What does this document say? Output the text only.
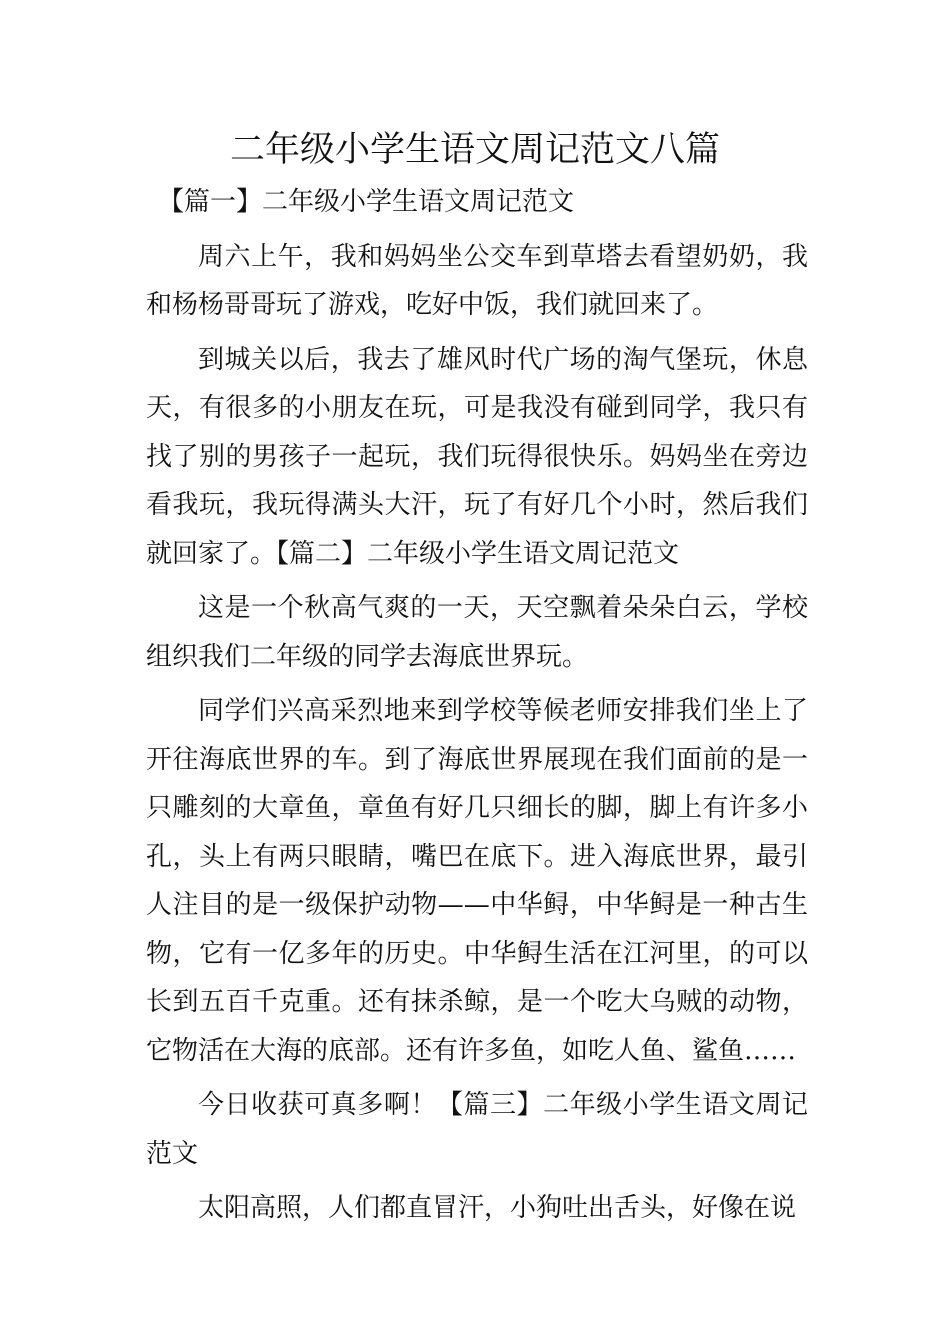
二年级小学生语文周记范文八篇

【篇一】二年级小学生语文周记范文

周六上午，我和妈妈坐公交车到草塔去看望奶奶，我和杨杨哥哥玩了游戏，吃好中饭，我们就回来了。

到城关以后，我去了雄风时代广场的淘气堡玩，休息天，有很多的小朋友在玩，可是我没有碰到同学，我只有找了别的男孩子一起玩，我们玩得很快乐。妈妈坐在旁边看我玩，我玩得满头大汗，玩了有好几个小时，然后我们就回家了。【篇二】二年级小学生语文周记范文

这是一个秋高气爽的一天，天空飘着朵朵白云，学校组织我们二年级的同学去海底世界玩。

同学们兴高采烈地来到学校等候老师安排我们坐上了开往海底世界的车。到了海底世界展现在我们面前的是一只雕刻的大章鱼，章鱼有好几只细长的脚，脚上有许多小孔，头上有两只眼睛，嘴巴在底下。进入海底世界，最引人注目的是一级保护动物——中华鲟，中华鲟是一种古生物，它有一亿多年的历史。中华鲟生活在江河里，的可以长到五百千克重。还有抹杀鲸，是一个吃大乌贼的动物，它物活在大海的底部。还有许多鱼，如吃人鱼、鲨鱼……

今日收获可真多啊！【篇三】二年级小学生语文周记范文

太阳高照，人们都直冒汗，小狗吐出舌头，好像在说
